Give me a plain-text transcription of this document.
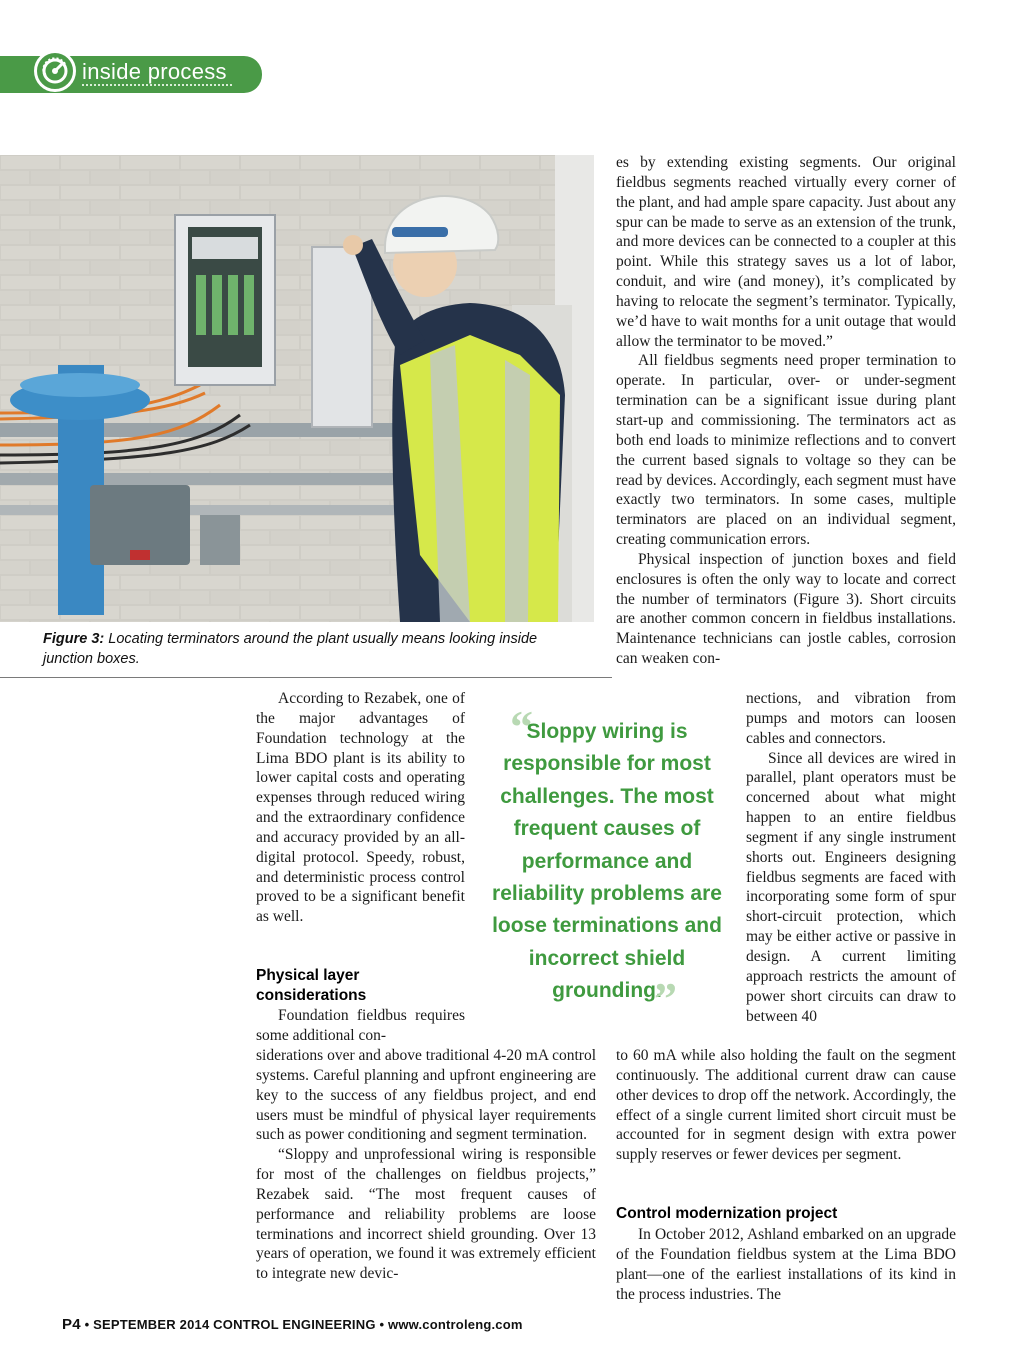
inside process
Figure 3: Locating terminators around the plant usually means looking inside junction boxes.

es by extending existing segments. Our original fieldbus segments reached virtually every corner of the plant, and had ample spare capacity. Just about any spur can be made to serve as an extension of the trunk, and more devices can be connected to a coupler at this point. While this strategy saves us a lot of labor, conduit, and wire (and money), it’s complicated by having to relocate the segment’s terminator. Typically, we’d have to wait months for a unit outage that would allow the terminator to be moved.”

All fieldbus segments need proper termination to operate. In particular, over- or under-segment termination can be a significant issue during plant start-up and commissioning. The terminators act as both end loads to minimize reflections and to convert the current based signals to voltage so they can be read by devices. Accordingly, each segment must have exactly two terminators. In some cases, multiple terminators are placed on an individual segment, creating communication errors.

Physical inspection of junction boxes and field enclosures is often the only way to locate and correct the number of terminators (Figure 3). Short circuits are another common concern in fieldbus installations. Maintenance technicians can jostle cables, corrosion can weaken con-

According to Rezabek, one of the major advantages of Foundation technology at the Lima BDO plant is its ability to lower capital costs and operating expenses through reduced wiring and the extraordinary confidence and accuracy provided by an all-digital protocol. Speedy, robust, and deterministic process control proved to be a significant benefit as well.

Physical layer considerations

Foundation fieldbus requires some additional con-

siderations over and above traditional 4-20 mA control systems. Careful planning and upfront engineering are key to the success of any fieldbus project, and end users must be mindful of physical layer requirements such as power conditioning and segment termination.

“Sloppy and unprofessional wiring is responsible for most of the challenges on fieldbus projects,” Rezabek said. “The most frequent causes of performance and reliability problems are loose terminations and incorrect shield grounding. Over 13 years of operation, we found it was extremely efficient to integrate new devic-

“
Sloppy wiring is responsible for most challenges. The most frequent causes of performance and reliability problems are loose terminations and incorrect shield grounding.
”

nections, and vibration from pumps and motors can loosen cables and connectors.

Since all devices are wired in parallel, plant operators must be concerned about what might happen to an entire fieldbus segment if any single instrument shorts out. Engineers designing fieldbus segments are faced with incorporating some form of spur short-circuit protection, which may be either active or passive in design. A current limiting approach restricts the amount of power short circuits can draw to between 40

to 60 mA while also holding the fault on the segment continuously. The additional current draw can cause other devices to drop off the network. Accordingly, the effect of a single current limited short circuit must be accounted for in segment design with extra power supply reserves or fewer devices per segment.

Control modernization project

In October 2012, Ashland embarked on an upgrade of the Foundation fieldbus system at the Lima BDO plant—one of the earliest installations of its kind in the process industries. The

P4 • SEPTEMBER 2014 CONTROL ENGINEERING • www.controleng.com
